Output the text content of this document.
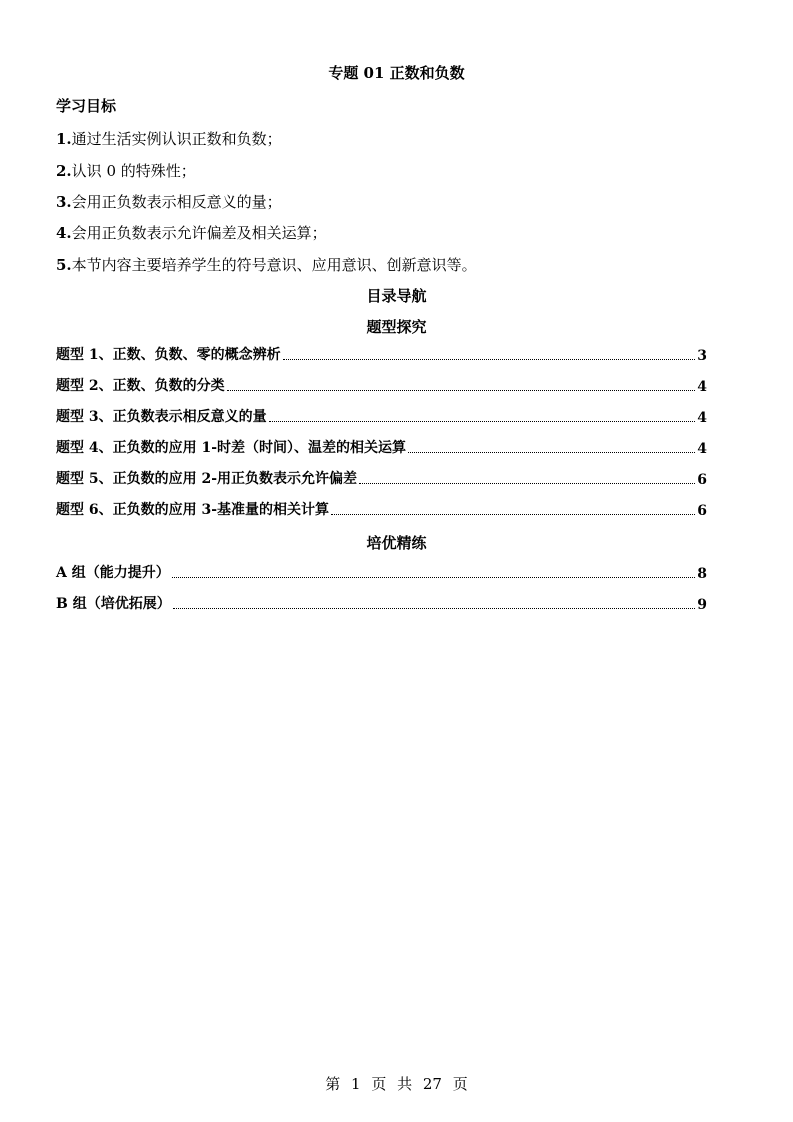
专题 01 正数和负数
学习目标
1.通过生活实例认识正数和负数；
2.认识 0 的特殊性；
3.会用正负数表示相反意义的量；
4.会用正负数表示允许偏差及相关运算；
5.本节内容主要培养学生的符号意识、应用意识、创新意识等。
目录导航
题型探究
题型 1、正数、负数、零的概念辨析	3
题型 2、正数、负数的分类	4
题型 3、正负数表示相反意义的量	4
题型 4、正负数的应用 1-时差（时间）、温差的相关运算	4
题型 5、正负数的应用 2-用正负数表示允许偏差	6
题型 6、正负数的应用 3-基准量的相关计算	6
培优精练
A 组（能力提升）	8
B 组（培优拓展）	9
第 1 页 共 27 页
